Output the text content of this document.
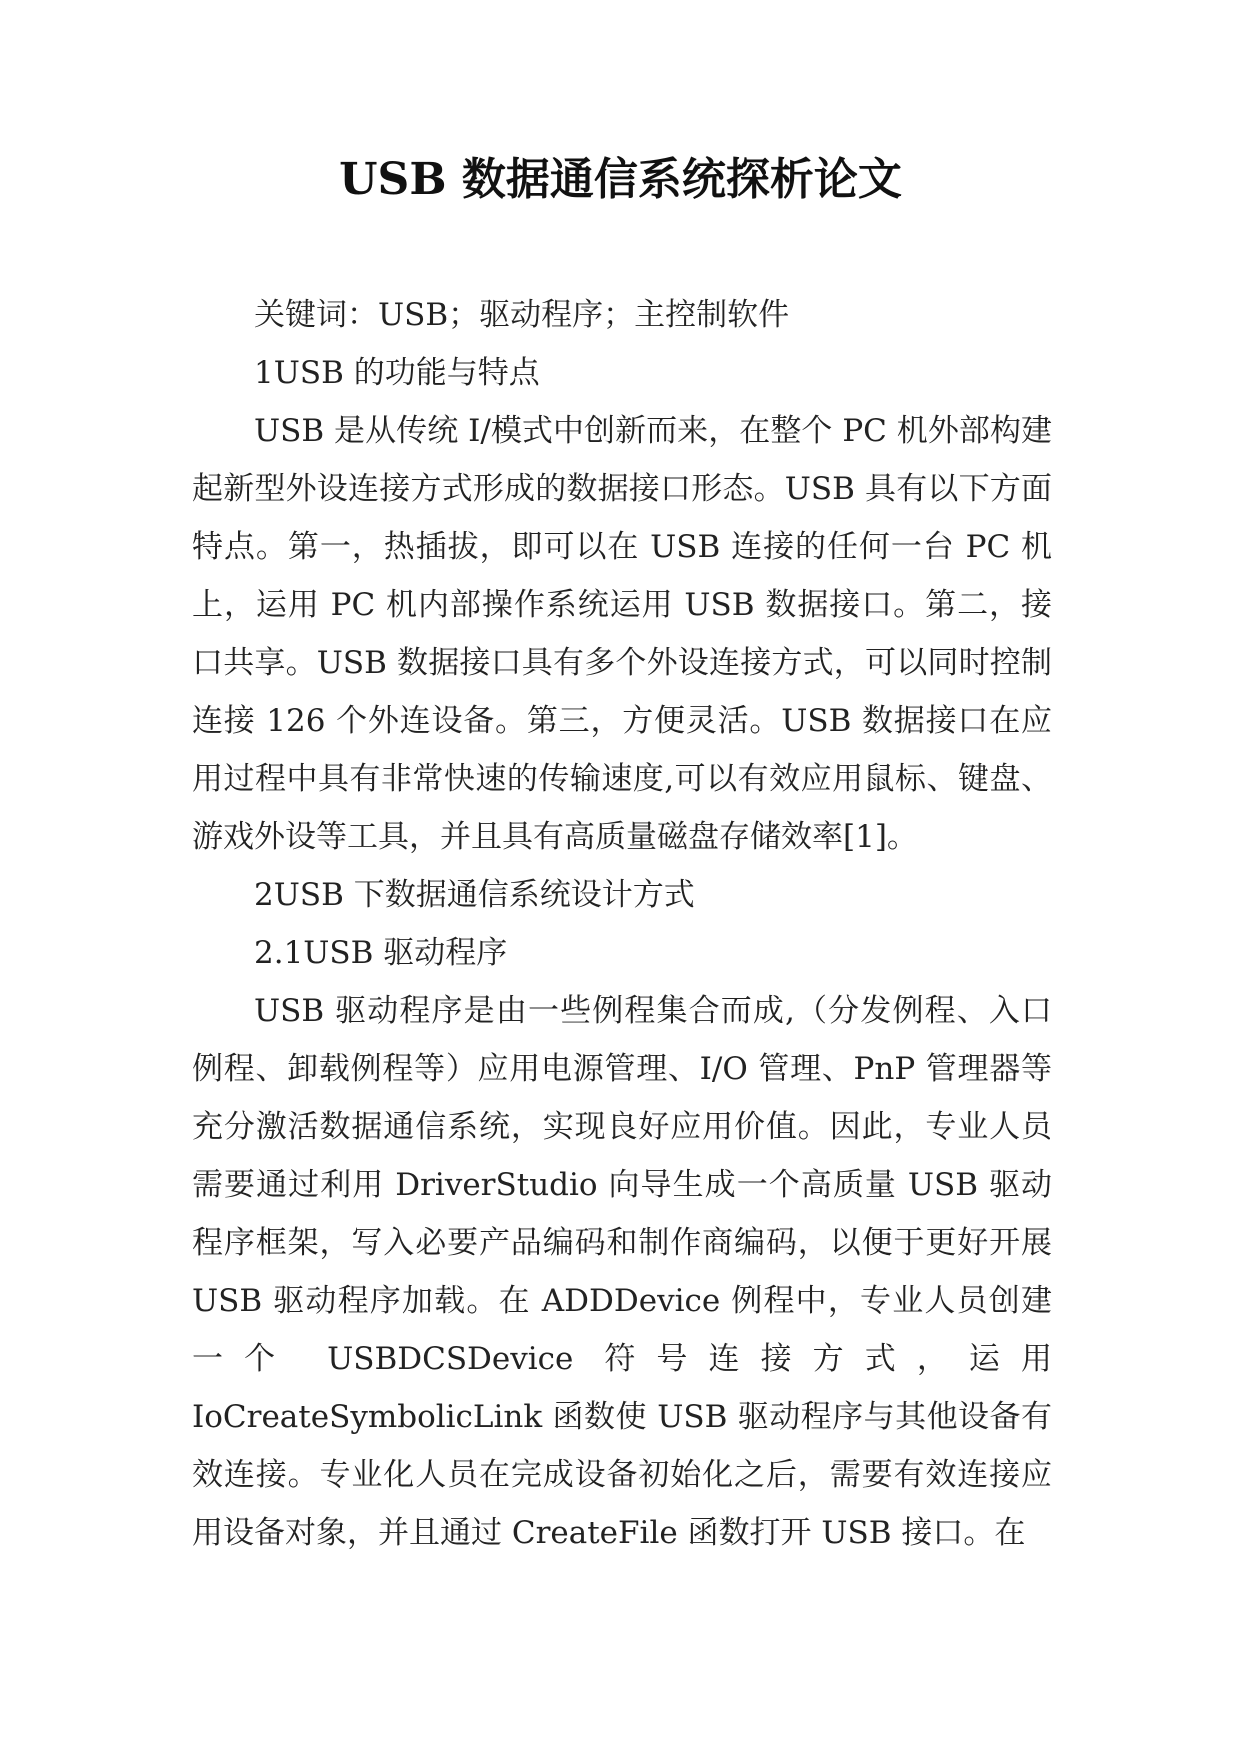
USB 数据通信系统探析论文

关键词：USB；驱动程序；主控制软件

1USB 的功能与特点

USB 是从传统 I/模式中创新而来，在整个 PC 机外部构建起新型外设连接方式形成的数据接口形态。USB 具有以下方面特点。第一，热插拔，即可以在 USB 连接的任何一台 PC 机上，运用 PC 机内部操作系统运用 USB 数据接口。第二，接口共享。USB 数据接口具有多个外设连接方式，可以同时控制连接 126 个外连设备。第三，方便灵活。USB 数据接口在应用过程中具有非常快速的传输速度,可以有效应用鼠标、键盘、游戏外设等工具，并且具有高质量磁盘存储效率[1]。

2USB 下数据通信系统设计方式

2.1USB 驱动程序

USB 驱动程序是由一些例程集合而成,（分发例程、入口例程、卸载例程等）应用电源管理、I/O 管理、PnP 管理器等充分激活数据通信系统，实现良好应用价值。因此，专业人员需要通过利用 DriverStudio 向导生成一个高质量 USB 驱动程序框架，写入必要产品编码和制作商编码，以便于更好开展 USB 驱动程序加载。在 ADDDevice 例程中，专业人员创建一个 USBDCSDevice 符号连接方式，运用 IoCreateSymbolicLink 函数使 USB 驱动程序与其他设备有效连接。专业化人员在完成设备初始化之后，需要有效连接应用设备对象，并且通过 CreateFile 函数打开 USB 接口。在
